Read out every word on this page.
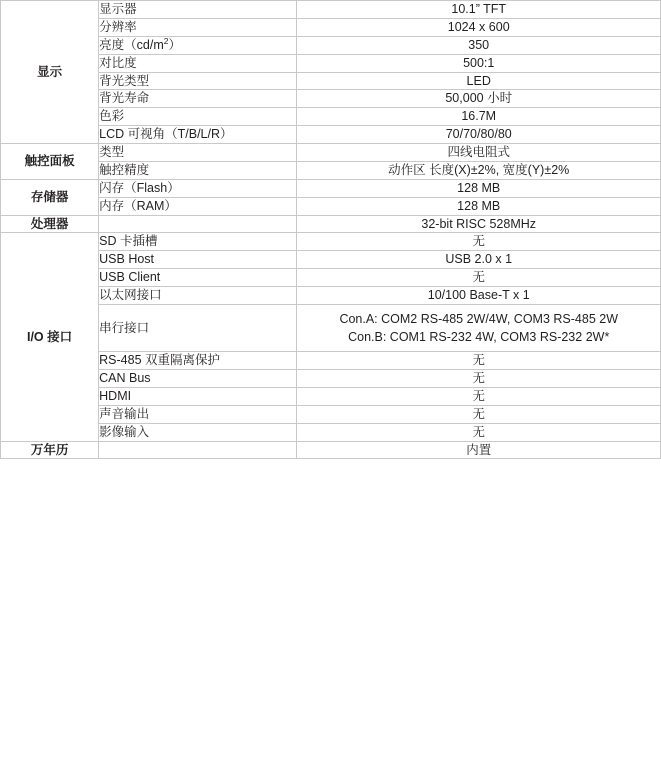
显示	显示器	10.1” TFT
	分辨率	1024 x 600
	亮度$(cd/m^2)$	350
	对比度	500:1
	背光类型	LED
	背光寿命	50,000 小时
	色彩	16.7M
	LCD 可视角（T/B/L/R）	70/70/80/80
触控面板	类型	四线电阻式
	触控精度	动作区 长度(X)±2%, 宽度(Y)±2%
存储器	闪存（Flash）	128 MB
	内存（RAM）	128 MB
处理器		32-bit RISC 528MHz
I/O 接口	SD 卡插槽	无
	USB Host	USB 2.0 x 1
	USB Client	无
	以太网接口	10/100 Base-T x 1
	串行接口	Con.A: COM2 RS-485 2W/4W, COM3 RS-485 2W
Con.B: COM1 RS-232 4W, COM3 RS-232 2W*

	RS-485 双重隔离保护	无
	CAN Bus	无
	HDMI	无
	声音输出	无
	影像输入	无
万年历		内置
